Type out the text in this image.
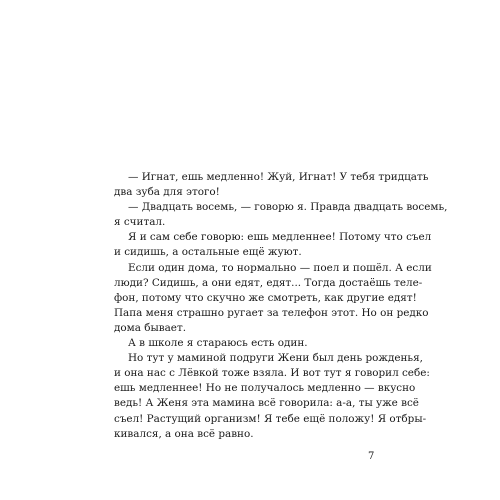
— Игнат, ешь медленно! Жуй, Игнат! У тебя тридцать
два зуба для этого!
— Двадцать восемь, — говорю я. Правда двадцать восемь,
я считал.
Я и сам себе говорю: ешь медленнее! Потому что съел
и сидишь, а остальные ещё жуют.
Если один дома, то нормально — поел и пошёл. А если
люди? Сидишь, а они едят, едят... Тогда достаёшь теле-
фон, потому что скучно же смотреть, как другие едят!
Папа меня страшно ругает за телефон этот. Но он редко
дома бывает.
А в школе я стараюсь есть один.
Но тут у маминой подруги Жени был день рожденья,
и она нас с Лёвкой тоже взяла. И вот тут я говорил себе:
ешь медленнее! Но не получалось медленно — вкусно
ведь! А Женя эта мамина всё говорила: а-а, ты уже всё
съел! Растущий организм! Я тебе ещё положу! Я отбры-
кивался, а она всё равно.
7
